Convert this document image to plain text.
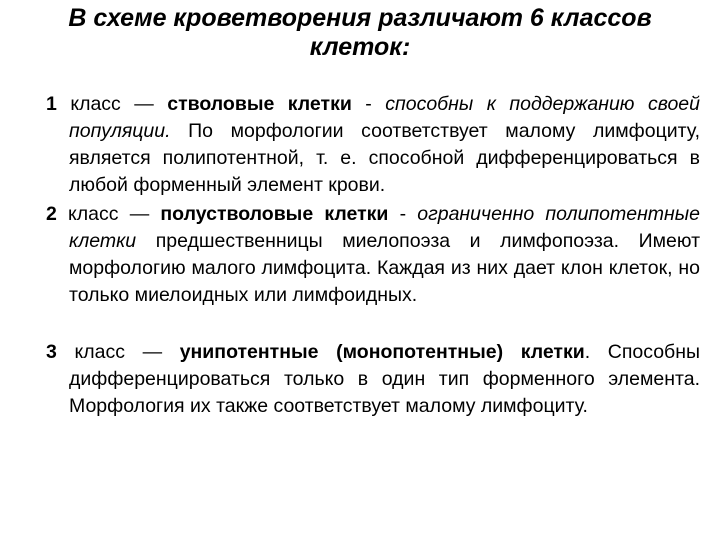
В схеме кроветворения различают 6 классов клеток:

1 класс — стволовые клетки - способны к поддержанию своей популяции. По морфологии соответствует малому лимфоциту, является полипотентной, т. е. способной дифференцироваться в любой форменный элемент крови.

2 класс — полустволовые клетки - ограниченно полипотентные клетки предшественницы миелопоэза и лимфопоэза. Имеют морфологию малого лимфоцита. Каждая из них дает клон клеток, но только миелоидных или лимфоидных.

3 класс — унипотентные (монопотентные) клетки. Способны дифференцироваться только в один тип форменного элемента. Морфология их также соответствует малому лимфоциту.
